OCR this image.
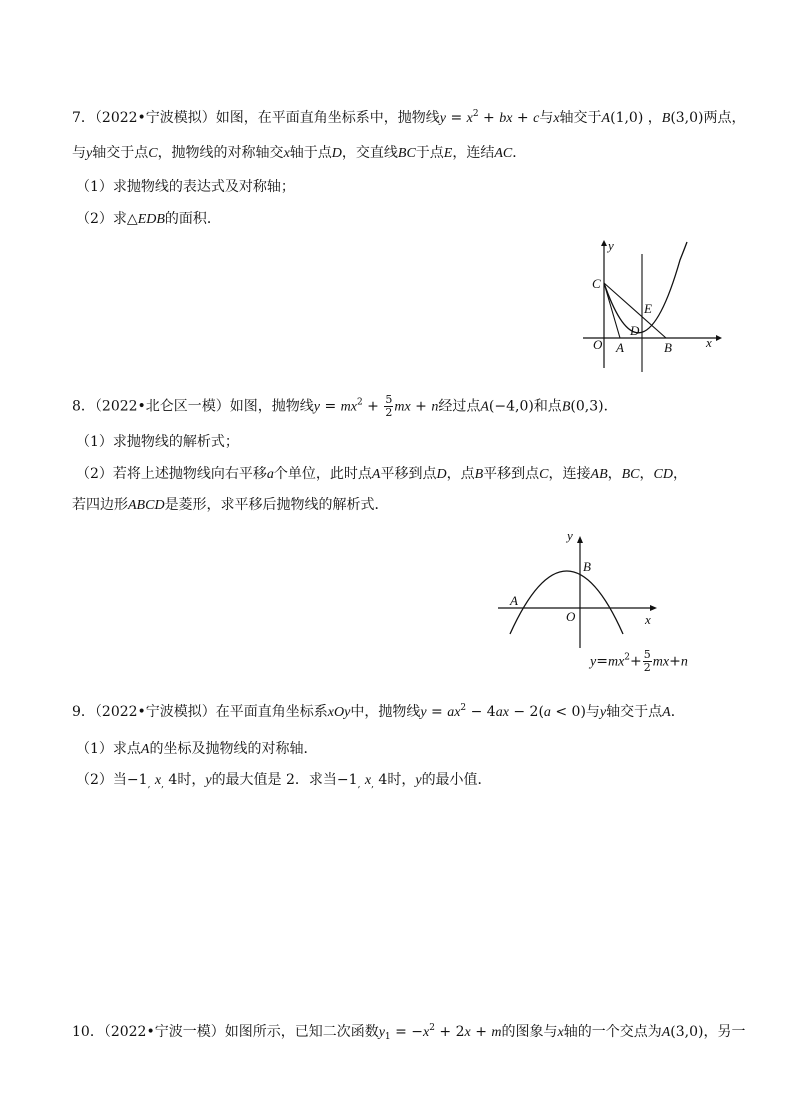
7．（2022•宁波模拟）如图，在平面直角坐标系中，抛物线$y = x^2$ + bx + c与x轴交于A(1,0) ，B(3,0)两点，
与y轴交于点C，抛物线的对称轴交x轴于点D，交直线BC于点E，连结AC．
（1）求抛物线的表达式及对称轴；
（2）求△EDB的面积．
y
C
E
D
O A	B	x
8．（2022•北仑区一模）如图，抛物线$y = mx^2 + \frac{5}{2}$ mx + n经过点A(−4,0)和点B(0,3)．
（1）求抛物线的解析式；
（2）若将上述抛物线向右平移a个单位，此时点A平移到点D，点B平移到点C，连接AB，BC，CD，
若四边形ABCD是菱形，求平移后抛物线的解析式．
y
B
A
O	x
$y=mx^2+ \frac{5}{2} mx+n$
9．（2022•宁波模拟）在平面直角坐标系xOy中，抛物线$y = ax^2 - 4ax - 2(a < 0)$与y轴交于点A．
（1）求点A的坐标及抛物线的对称轴．
（2）当$-1_,$ $x_,$ 4时，y的最大值是 2．求当$-1_,$ $x_,$ 4时，y的最小值．
10．（2022•宁波一模）如图所示，已知二次函数$y_1 = -x^2 + 2x + m$的图象与x轴的一个交点为A(3,0)，另一
